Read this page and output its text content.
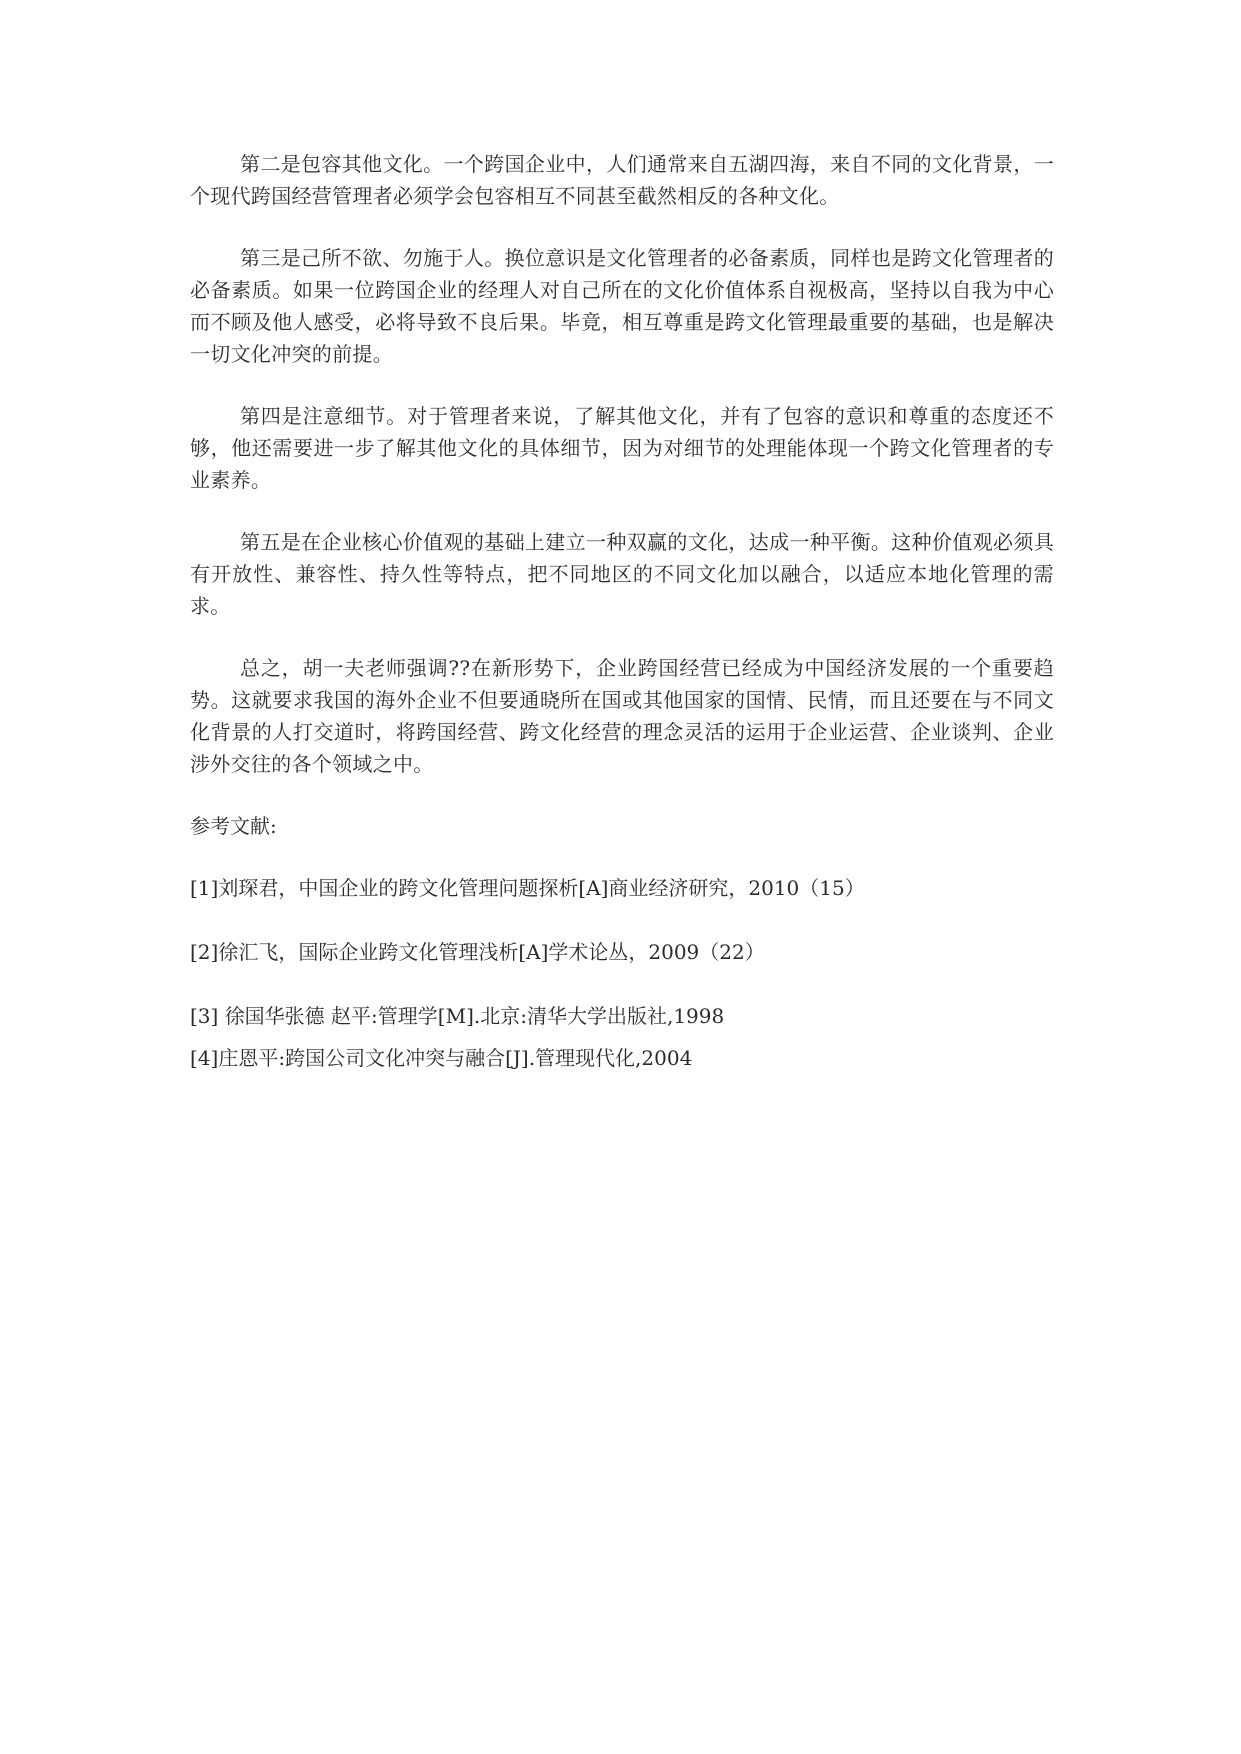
第二是包容其他文化。一个跨国企业中，人们通常来自五湖四海，来自不同的文化背景，一个现代跨国经营管理者必须学会包容相互不同甚至截然相反的各种文化。

第三是己所不欲、勿施于人。换位意识是文化管理者的必备素质，同样也是跨文化管理者的必备素质。如果一位跨国企业的经理人对自己所在的文化价值体系自视极高，坚持以自我为中心而不顾及他人感受，必将导致不良后果。毕竟，相互尊重是跨文化管理最重要的基础，也是解决一切文化冲突的前提。

第四是注意细节。对于管理者来说，了解其他文化，并有了包容的意识和尊重的态度还不够，他还需要进一步了解其他文化的具体细节，因为对细节的处理能体现一个跨文化管理者的专业素养。

第五是在企业核心价值观的基础上建立一种双赢的文化，达成一种平衡。这种价值观必须具有开放性、兼容性、持久性等特点，把不同地区的不同文化加以融合，以适应本地化管理的需求。

总之，胡一夫老师强调??在新形势下，企业跨国经营已经成为中国经济发展的一个重要趋势。这就要求我国的海外企业不但要通晓所在国或其他国家的国情、民情，而且还要在与不同文化背景的人打交道时，将跨国经营、跨文化经营的理念灵活的运用于企业运营、企业谈判、企业涉外交往的各个领域之中。

参考文献:
[1]刘琛君，中国企业的跨文化管理问题探析[A]商业经济研究，2010（15）
[2]徐汇飞，国际企业跨文化管理浅析[A]学术论丛，2009（22）
[3] 徐国华张德 赵平:管理学[M].北京:清华大学出版社,1998
[4]庄恩平:跨国公司文化冲突与融合[J].管理现代化,2004
